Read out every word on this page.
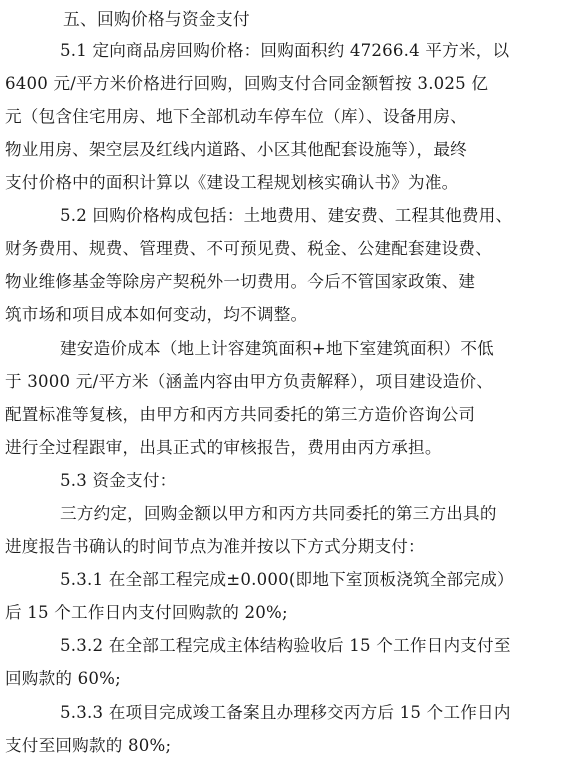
五、回购价格与资金支付
5.1 定向商品房回购价格：回购面积约 47266.4 平方米，以
6400 元/平方米价格进行回购，回购支付合同金额暂按 3.025 亿
元（包含住宅用房、地下全部机动车停车位（库）、设备用房、
物业用房、架空层及红线内道路、小区其他配套设施等），最终
支付价格中的面积计算以《建设工程规划核实确认书》为准。
5.2 回购价格构成包括：土地费用、建安费、工程其他费用、
财务费用、规费、管理费、不可预见费、税金、公建配套建设费、
物业维修基金等除房产契税外一切费用。今后不管国家政策、建
筑市场和项目成本如何变动，均不调整。
建安造价成本（地上计容建筑面积+地下室建筑面积）不低
于 3000 元/平方米（涵盖内容由甲方负责解释），项目建设造价、
配置标准等复核，由甲方和丙方共同委托的第三方造价咨询公司
进行全过程跟审，出具正式的审核报告，费用由丙方承担。
5.3 资金支付：
三方约定，回购金额以甲方和丙方共同委托的第三方出具的
进度报告书确认的时间节点为准并按以下方式分期支付：
5.3.1 在全部工程完成±0.000(即地下室顶板浇筑全部完成）
后 15 个工作日内支付回购款的 20%;
5.3.2 在全部工程完成主体结构验收后 15 个工作日内支付至
回购款的 60%;
5.3.3 在项目完成竣工备案且办理移交丙方后 15 个工作日内
支付至回购款的 80%;
